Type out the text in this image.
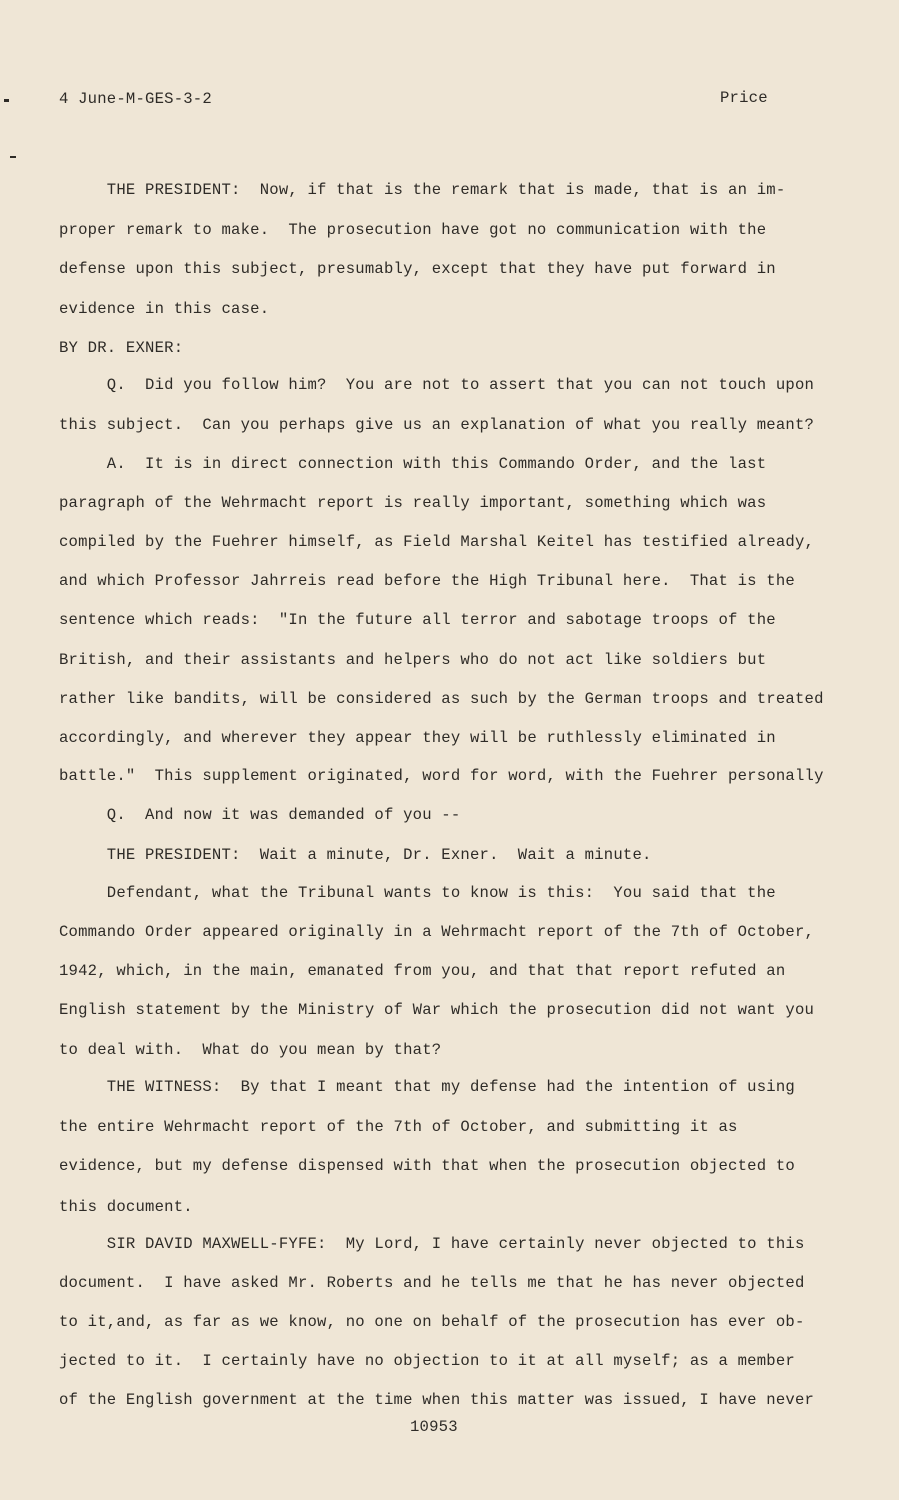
4 June-M-GES-3-2	Price
THE PRESIDENT:  Now, if that is the remark that is made, that is an im-
proper remark to make.  The prosecution have got no communication with the
defense upon this subject, presumably, except that they have put forward in
evidence in this case.
BY DR. EXNER:
Q.  Did you follow him?  You are not to assert that you can not touch upon
this subject.  Can you perhaps give us an explanation of what you really meant?
A.  It is in direct connection with this Commando Order, and the last
paragraph of the Wehrmacht report is really important, something which was
compiled by the Fuehrer himself, as Field Marshal Keitel has testified already,
and which Professor Jahrreis read before the High Tribunal here.  That is the
sentence which reads:  "In the future all terror and sabotage troops of the
British, and their assistants and helpers who do not act like soldiers but
rather like bandits, will be considered as such by the German troops and treated
accordingly, and wherever they appear they will be ruthlessly eliminated in
battle."  This supplement originated, word for word, with the Fuehrer personally
Q.  And now it was demanded of you --
THE PRESIDENT:  Wait a minute, Dr. Exner.  Wait a minute.
Defendant, what the Tribunal wants to know is this:  You said that the
Commando Order appeared originally in a Wehrmacht report of the 7th of October,
1942, which, in the main, emanated from you, and that that report refuted an
English statement by the Ministry of War which the prosecution did not want you
to deal with.  What do you mean by that?
THE WITNESS:  By that I meant that my defense had the intention of using
the entire Wehrmacht report of the 7th of October, and submitting it as
evidence, but my defense dispensed with that when the prosecution objected to
this document.
SIR DAVID MAXWELL-FYFE:  My Lord, I have certainly never objected to this
document.  I have asked Mr. Roberts and he tells me that he has never objected
to it,and, as far as we know, no one on behalf of the prosecution has ever ob-
jected to it.  I certainly have no objection to it at all myself; as a member
of the English government at the time when this matter was issued, I have never
10953
